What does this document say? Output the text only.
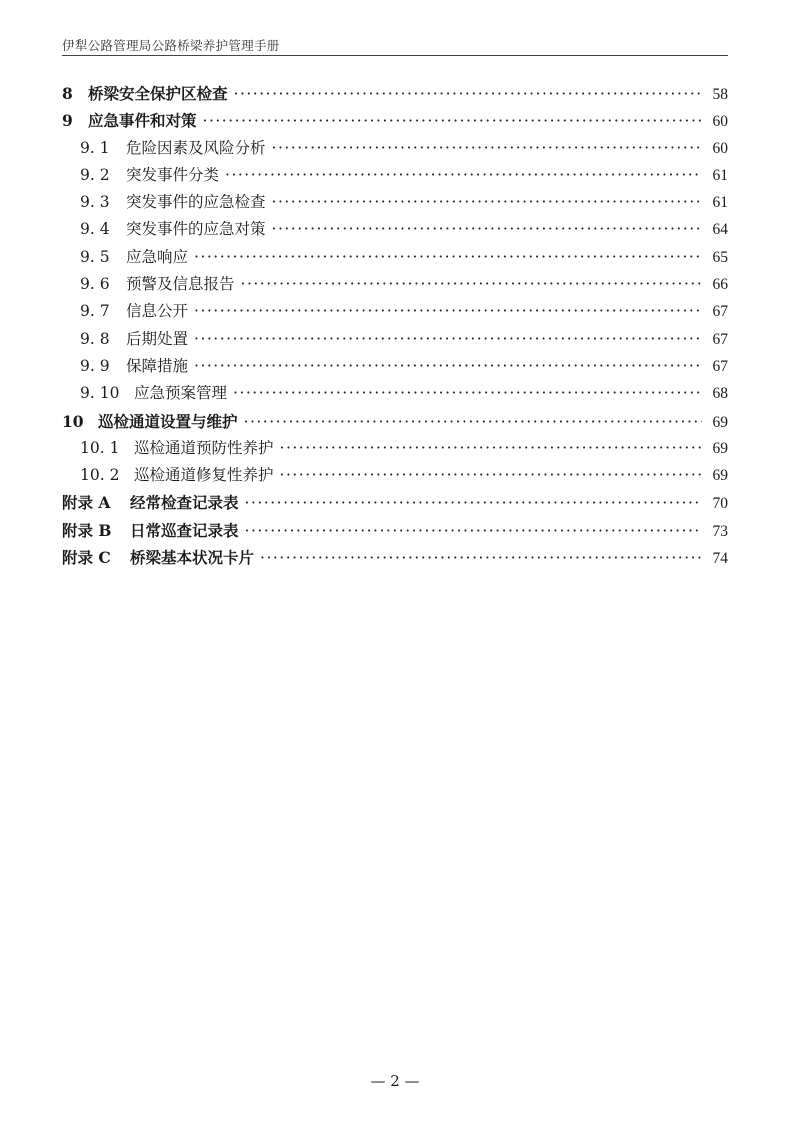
伊犁公路管理局公路桥梁养护管理手册
8 桥梁安全保护区检查 ·····	58
9 应急事件和对策 ·····	60
9. 1	危险因素及风险分析 ·····	60
9. 2	突发事件分类 ·····	61
9. 3	突发事件的应急检查 ·····	61
9. 4	突发事件的应急对策 ·····	64
9. 5	应急响应 ·····	65
9. 6	预警及信息报告 ·····	66
9. 7	信息公开 ·····	67
9. 8	后期处置 ·····	67
9. 9	保障措施 ·····	67
9. 10 应急预案管理 ·····	68
10 巡检通道设置与维护 ·····	69
10. 1 巡检通道预防性养护 ·····	69
10. 2 巡检通道修复性养护 ·····	69
附录 A	经常检查记录表 ·····	70
附录 B	日常巡查记录表 ·····	73
附录 C	桥梁基本状况卡片 ·····	74
— 2 —
